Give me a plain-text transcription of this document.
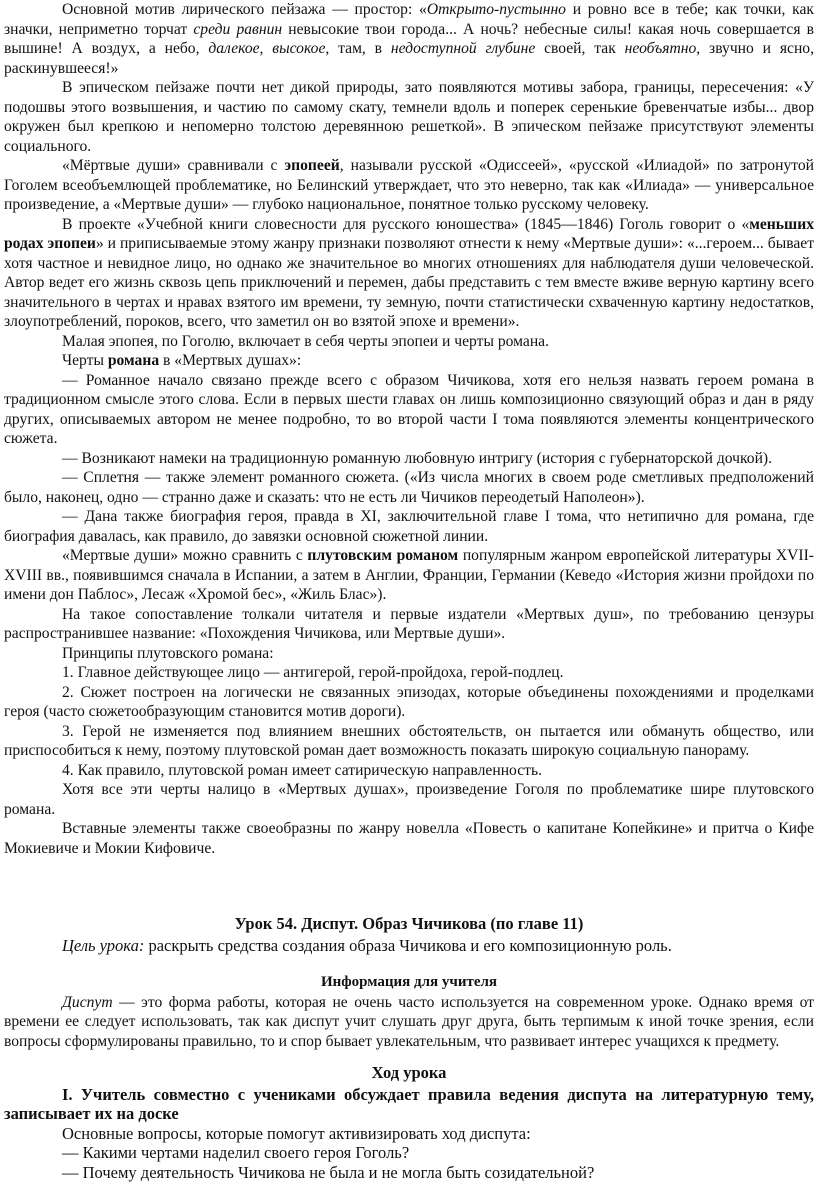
Основной мотив лирического пейзажа — простор: «Открыто-пустынно и ровно все в тебе; как точки, как значки, неприметно торчат среди равнин невысокие твои города... А ночь? небесные силы! какая ночь совершается в вышине! А воздух, а небо, далекое, высокое, там, в недоступной глубине своей, так необъятно, звучно и ясно, раскинувшееся!»

В эпическом пейзаже почти нет дикой природы, зато появляются мотивы забора, границы, пересечения: «У подошвы этого возвышения, и частию по самому скату, темнели вдоль и поперек серенькие бревенчатые избы... двор окружен был крепкою и непомерно толстою деревянною решеткой». В эпическом пейзаже присутствуют элементы социального.

«Мёртвые души» сравнивали с эпопеей, называли русской «Одиссеей», «русской «Илиадой» по затронутой Гоголем всеобъемлющей проблематике, но Белинский утверждает, что это неверно, так как «Илиада» — универсальное произведение, а «Мертвые души» — глубоко национальное, понятное только русскому человеку.

В проекте «Учебной книги словесности для русского юношества» (1845—1846) Гоголь говорит о «меньших родах эпопеи» и приписываемые этому жанру признаки позволяют отнести к нему «Мертвые души»: «...героем... бывает хотя частное и невидное лицо, но однако же значительное во многих отношениях для наблюдателя души человеческой. Автор ведет его жизнь сквозь цепь приключений и перемен, дабы представить с тем вместе вживе верную картину всего значительного в чертах и нравах взятого им времени, ту земную, почти статистически схваченную картину недостатков, злоупотреблений, пороков, всего, что заметил он во взятой эпохе и времени».

Малая эпопея, по Гоголю, включает в себя черты эпопеи и черты романа.

Черты романа в «Мертвых душах»:

— Романное начало связано прежде всего с образом Чичикова, хотя его нельзя назвать героем романа в традиционном смысле этого слова. Если в первых шести главах он лишь композиционно связующий образ и дан в ряду других, описываемых автором не менее подробно, то во второй части I тома появляются элементы концентрического сюжета.

— Возникают намеки на традиционную романную любовную интригу (история с губернаторской дочкой).

— Сплетня — также элемент романного сюжета. («Из числа многих в своем роде сметливых предположений было, наконец, одно — странно даже и сказать: что не есть ли Чичиков переодетый Наполеон»).

— Дана также биография героя, правда в XI, заключительной главе I тома, что нетипично для романа, где биография давалась, как правило, до завязки основной сюжетной линии.

«Мертвые души» можно сравнить с плутовским романом популярным жанром европейской литературы XVII-XVIII вв., появившимся сначала в Испании, а затем в Англии, Франции, Германии (Кеведо «История жизни пройдохи по имени дон Паблос», Лесаж «Хромой бес», «Жиль Блас»).

На такое сопоставление толкали читателя и первые издатели «Мертвых душ», по требованию цензуры распространившее название: «Похождения Чичикова, или Мертвые души».

Принципы плутовского романа:

1. Главное действующее лицо — антигерой, герой-пройдоха, герой-подлец.

2. Сюжет построен на логически не связанных эпизодах, которые объединены похождениями и проделками героя (часто сюжетообразующим становится мотив дороги).

3. Герой не изменяется под влиянием внешних обстоятельств, он пытается или обмануть общество, или приспособиться к нему, поэтому плутовской роман дает возможность показать широкую социальную панораму.

4. Как правило, плутовской роман имеет сатирическую направленность.

Хотя все эти черты налицо в «Мертвых душах», произведение Гоголя по проблематике шире плутовского романа.

Вставные элементы также своеобразны по жанру новелла «Повесть о капитане Копейкине» и притча о Кифе Мокиевиче и Мокии Кифовиче.

Урок 54. Диспут. Образ Чичикова (по главе 11)

Цель урока: раскрыть средства создания образа Чичикова и его композиционную роль.

Информация для учителя

Диспут — это форма работы, которая не очень часто используется на современном уроке. Однако время от времени ее следует использовать, так как диспут учит слушать друг друга, быть терпимым к иной точке зрения, если вопросы сформулированы правильно, то и спор бывает увлекательным, что развивает интерес учащихся к предмету.

Ход урока

I. Учитель совместно с учениками обсуждает правила ведения диспута на литературную тему, записывает их на доске

Основные вопросы, которые помогут активизировать ход диспута:

— Какими чертами наделил своего героя Гоголь?

— Почему деятельность Чичикова не была и не могла быть созидательной?
